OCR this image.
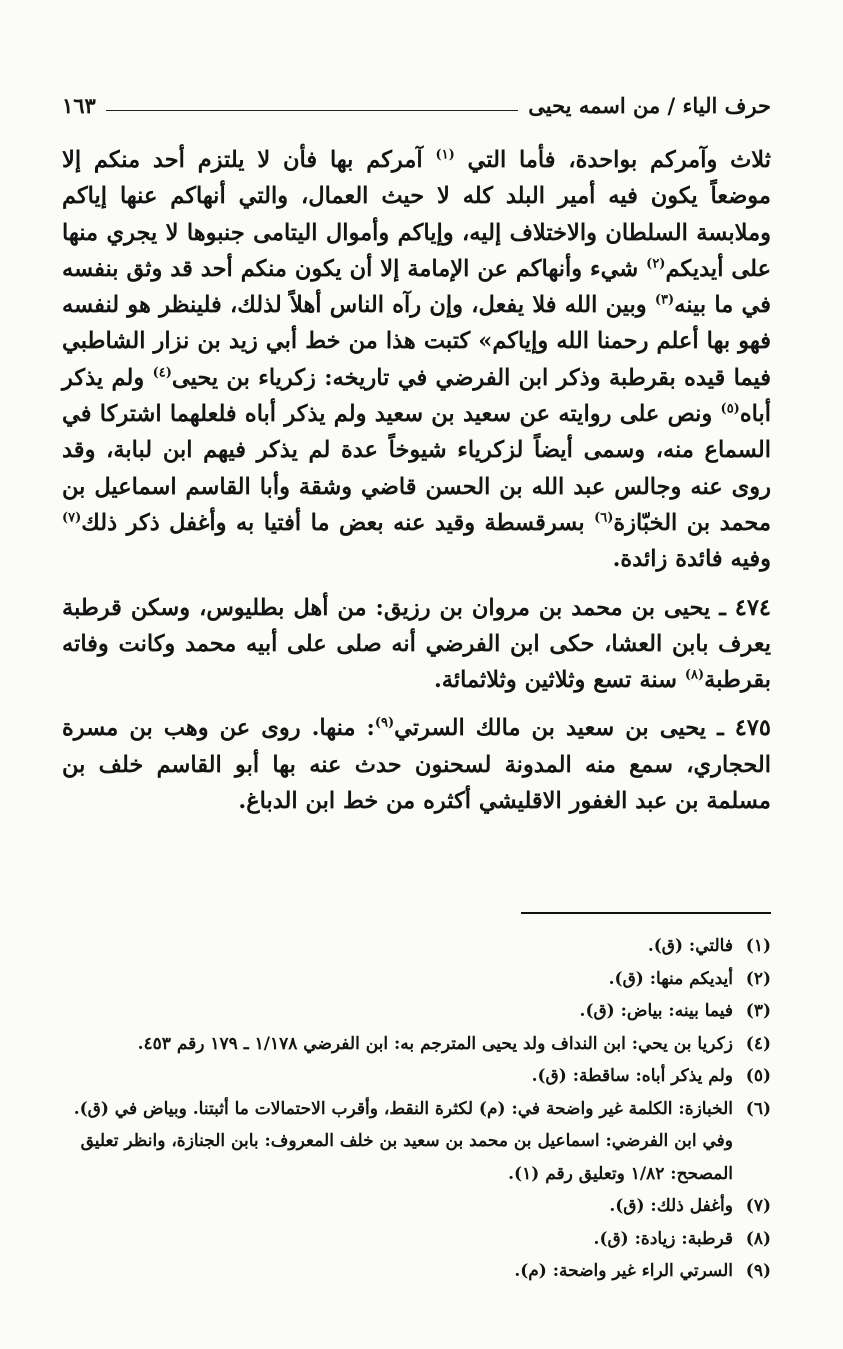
حرف الياء / من اسمه يحيى
١٦٣

ثلاث وآمركم بواحدة، فأما التي $^{(١)}$ آمركم بها فأن لا يلتزم أحد منكم إلا موضعاً يكون فيه أمير البلد كله لا حيث العمال، والتي أنهاكم عنها إياكم وملابسة السلطان والاختلاف إليه، وإياكم وأموال اليتامى جنبوها لا يجري منها على أيديكم$^{(٢)}$ شيء وأنهاكم عن الإمامة إلا أن يكون منكم أحد قد وثق بنفسه في ما بينه$^{(٣)}$ وبين الله فلا يفعل، وإن رآه الناس أهلاً لذلك، فلينظر هو لنفسه فهو بها أعلم رحمنا الله وإياكم» كتبت هذا من خط أبي زيد بن نزار الشاطبي فيما قيده بقرطبة وذكر ابن الفرضي في تاريخه: زكرياء بن يحيى$^{(٤)}$ ولم يذكر أباه$^{(٥)}$ ونص على روايته عن سعيد بن سعيد ولم يذكر أباه فلعلهما اشتركا في السماع منه، وسمى أيضاً لزكرياء شيوخاً عدة لم يذكر فيهم ابن لبابة، وقد روى عنه وجالس عبد الله بن الحسن قاضي وشقة وأبا القاسم اسماعيل بن محمد بن الخبّازة$^{(٦)}$ بسرقسطة وقيد عنه بعض ما أفتيا به وأغفل ذكر ذلك$^{(٧)}$ وفيه فائدة زائدة.

٤٧٤ ـ يحيى بن محمد بن مروان بن رزيق: من أهل بطليوس، وسكن قرطبة يعرف بابن العشا، حكى ابن الفرضي أنه صلى على أبيه محمد وكانت وفاته بقرطبة$^{(٨)}$ سنة تسع وثلاثين وثلاثمائة.

٤٧٥ ـ يحيى بن سعيد بن مالك السرتي$^{(٩)}$: منها. روى عن وهب بن مسرة الحجاري، سمع منه المدونة لسحنون حدث عنه بها أبو القاسم خلف بن مسلمة بن عبد الغفور الاقليشي أكثره من خط ابن الدباغ.

(١)
فالتي: (ق).
(٢)
أيديكم منها: (ق).
(٣)
فيما بينه: بياض: (ق).
(٤)
زكريا بن يحي: ابن النداف ولد يحيى المترجم به: ابن الفرضي ١/١٧٨ ـ ١٧٩ رقم ٤٥٣.
(٥)
ولم يذكر أباه: ساقطة: (ق).
(٦)
الخبازة: الكلمة غير واضحة في: (م) لكثرة النقط، وأقرب الاحتمالات ما أثبتنا. وبياض في (ق). وفي ابن الفرضي: اسماعيل بن محمد بن سعيد بن خلف المعروف: بابن الجنازة، وانظر تعليق المصحح: ١/٨٢ وتعليق رقم (١).
(٧)
وأغفل ذلك: (ق).
(٨)
قرطبة: زيادة: (ق).
(٩)
السرتي الراء غير واضحة: (م).
